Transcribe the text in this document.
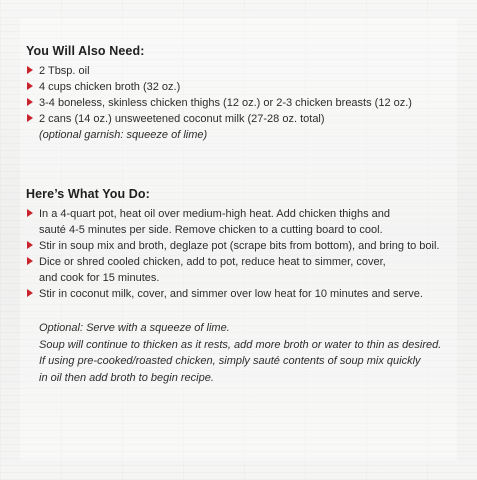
You Will Also Need:
2 Tbsp. oil
4 cups chicken broth (32 oz.)
3-4 boneless, skinless chicken thighs (12 oz.) or 2-3 chicken breasts (12 oz.)
2 cans (14 oz.) unsweetened coconut milk (27-28 oz. total)
(optional garnish: squeeze of lime)
Here’s What You Do:
In a 4-quart pot, heat oil over medium-high heat. Add chicken thighs and
sauté 4-5 minutes per side. Remove chicken to a cutting board to cool.
Stir in soup mix and broth, deglaze pot (scrape bits from bottom), and bring to boil.
Dice or shred cooled chicken, add to pot, reduce heat to simmer, cover,
and cook for 15 minutes.
Stir in coconut milk, cover, and simmer over low heat for 10 minutes and serve.

Optional: Serve with a squeeze of lime.

Soup will continue to thicken as it rests, add more broth or water to thin as desired.

If using pre-cooked/roasted chicken, simply sauté contents of soup mix quickly

in oil then add broth to begin recipe.
